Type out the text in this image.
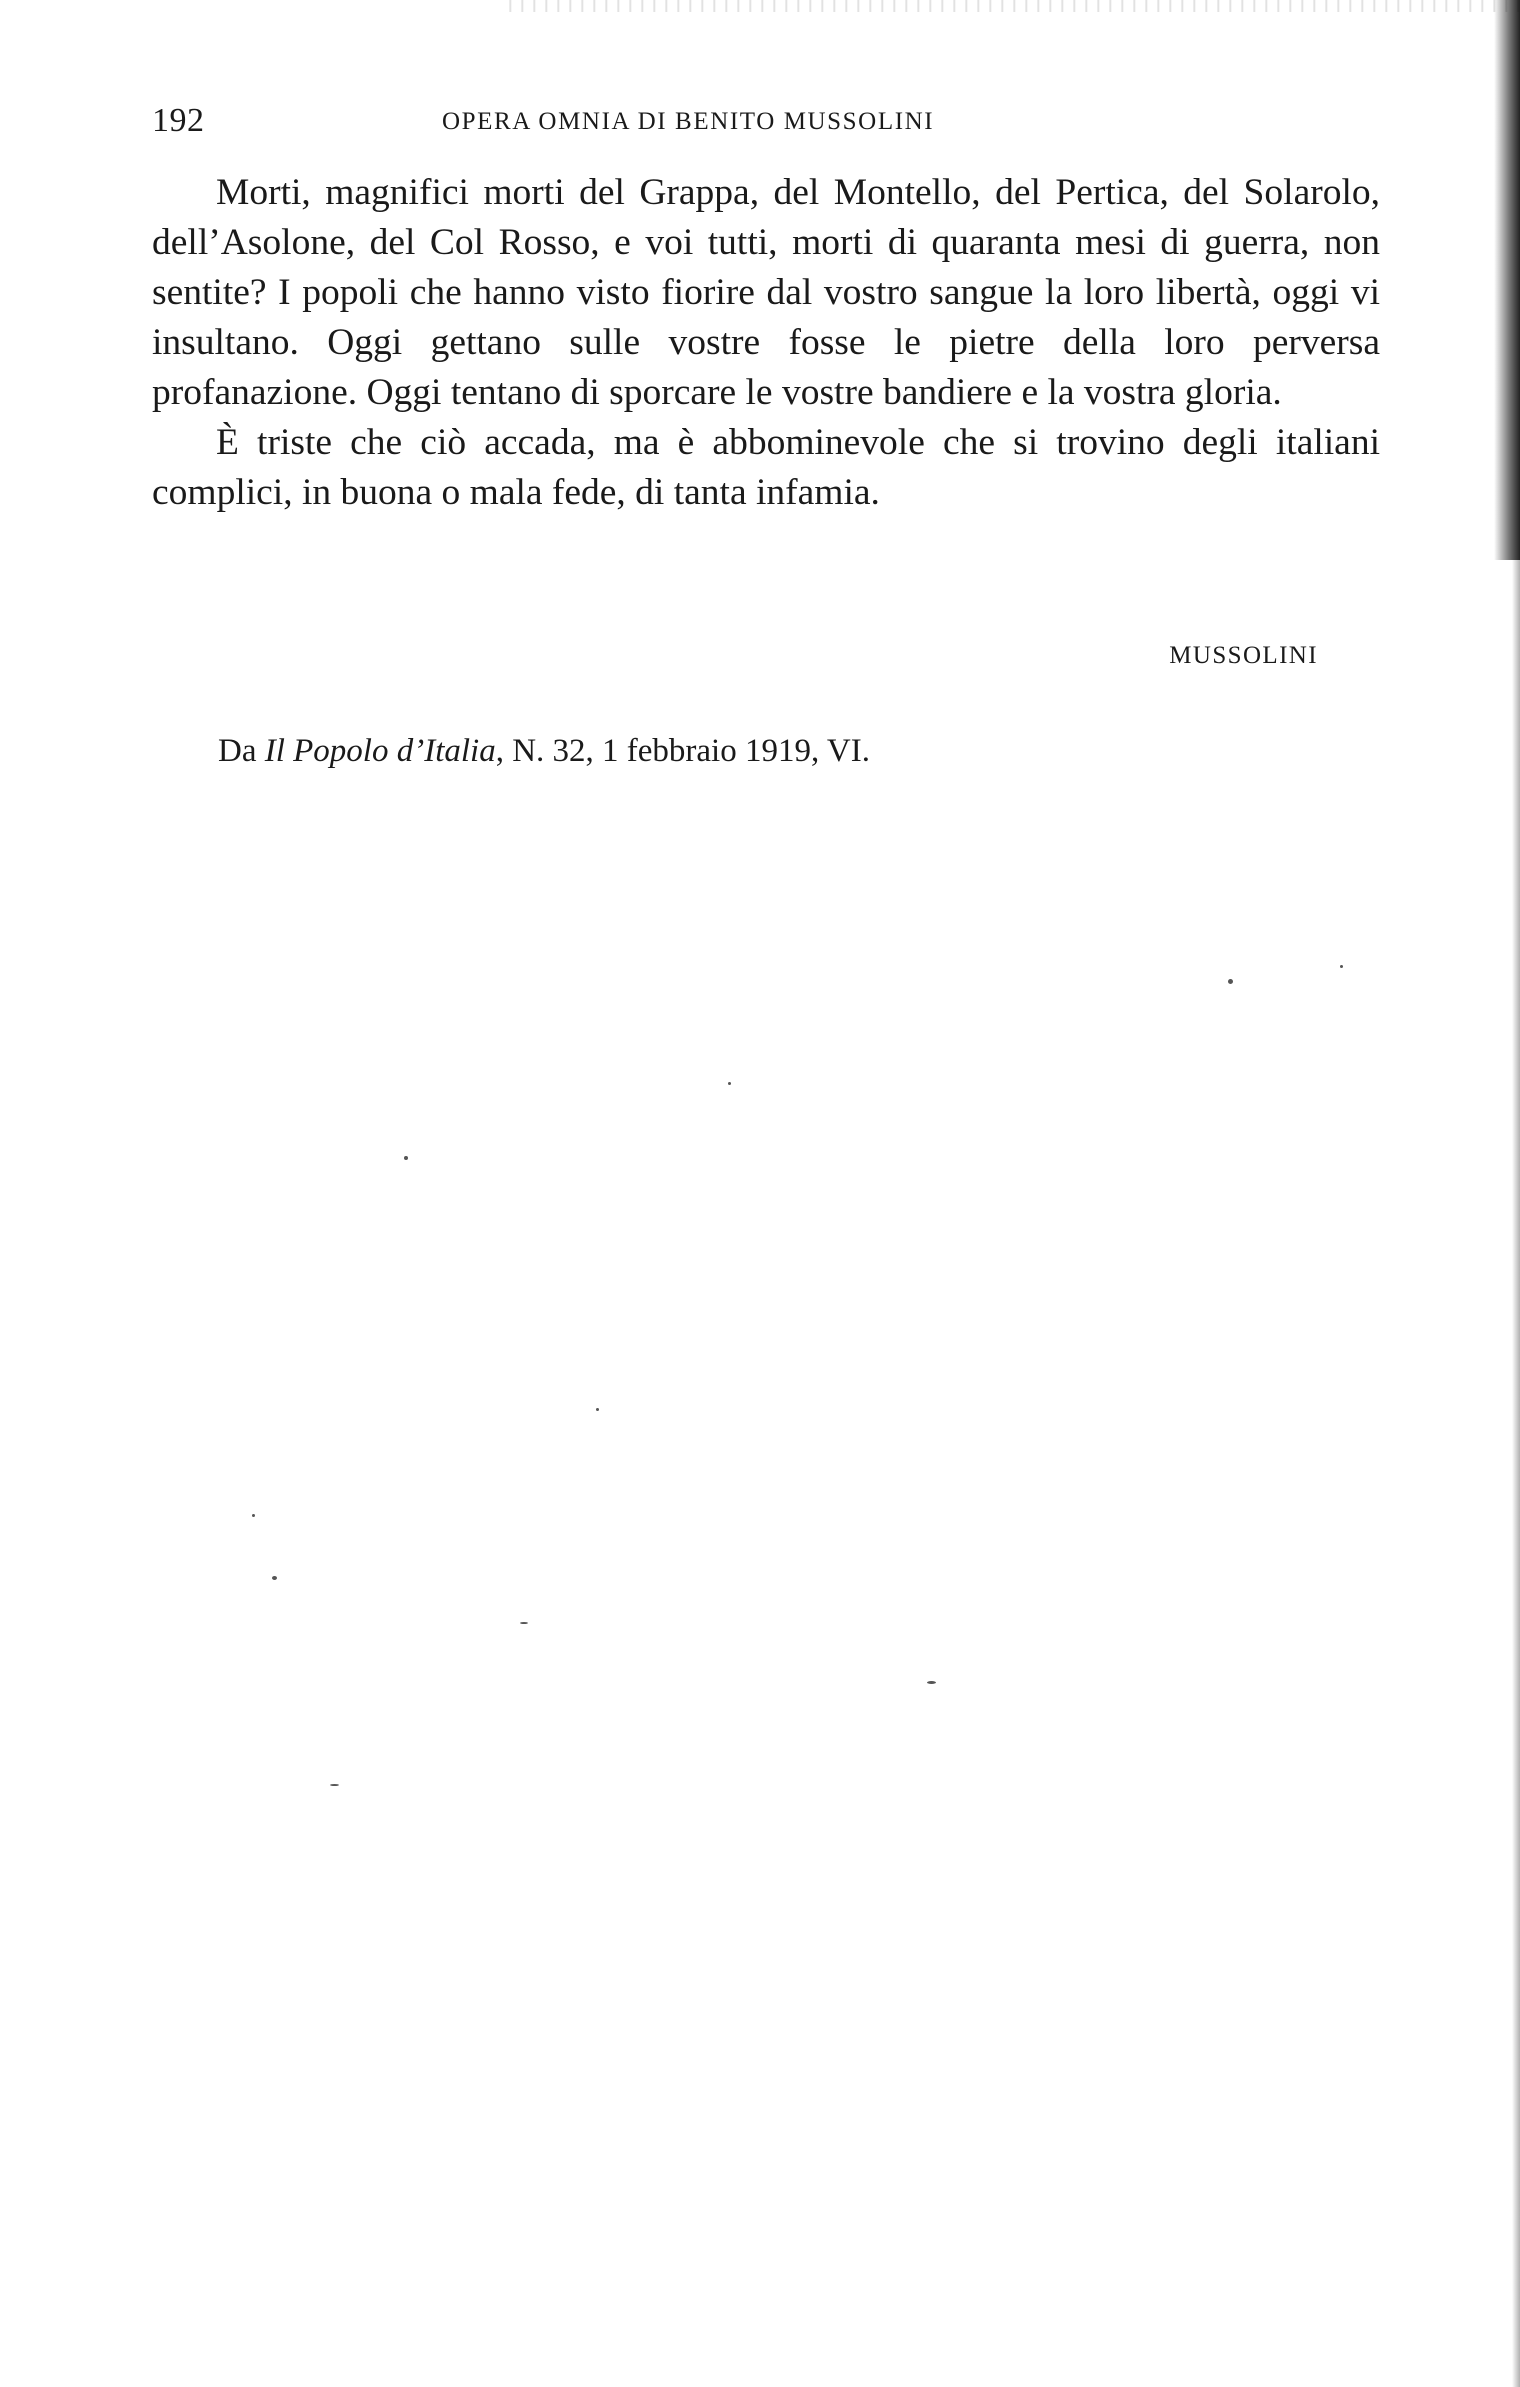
192	OPERA OMNIA DI BENITO MUSSOLINI

Morti, magnifici morti del Grappa, del Montello, del Pertica, del Solarolo, dell’Asolone, del Col Rosso, e voi tutti, morti di quaranta mesi di guerra, non sentite? I popoli che hanno visto fiorire dal vostro sangue la loro libertà, oggi vi insultano. Oggi gettano sulle vostre fosse le pietre della loro perversa profanazione. Oggi tentano di sporcare le vostre bandiere e la vostra gloria.

È triste che ciò accada, ma è abbominevole che si trovino degli italiani complici, in buona o mala fede, di tanta infamia.

MUSSOLINI
Da Il Popolo d’Italia, N. 32, 1 febbraio 1919, VI.
